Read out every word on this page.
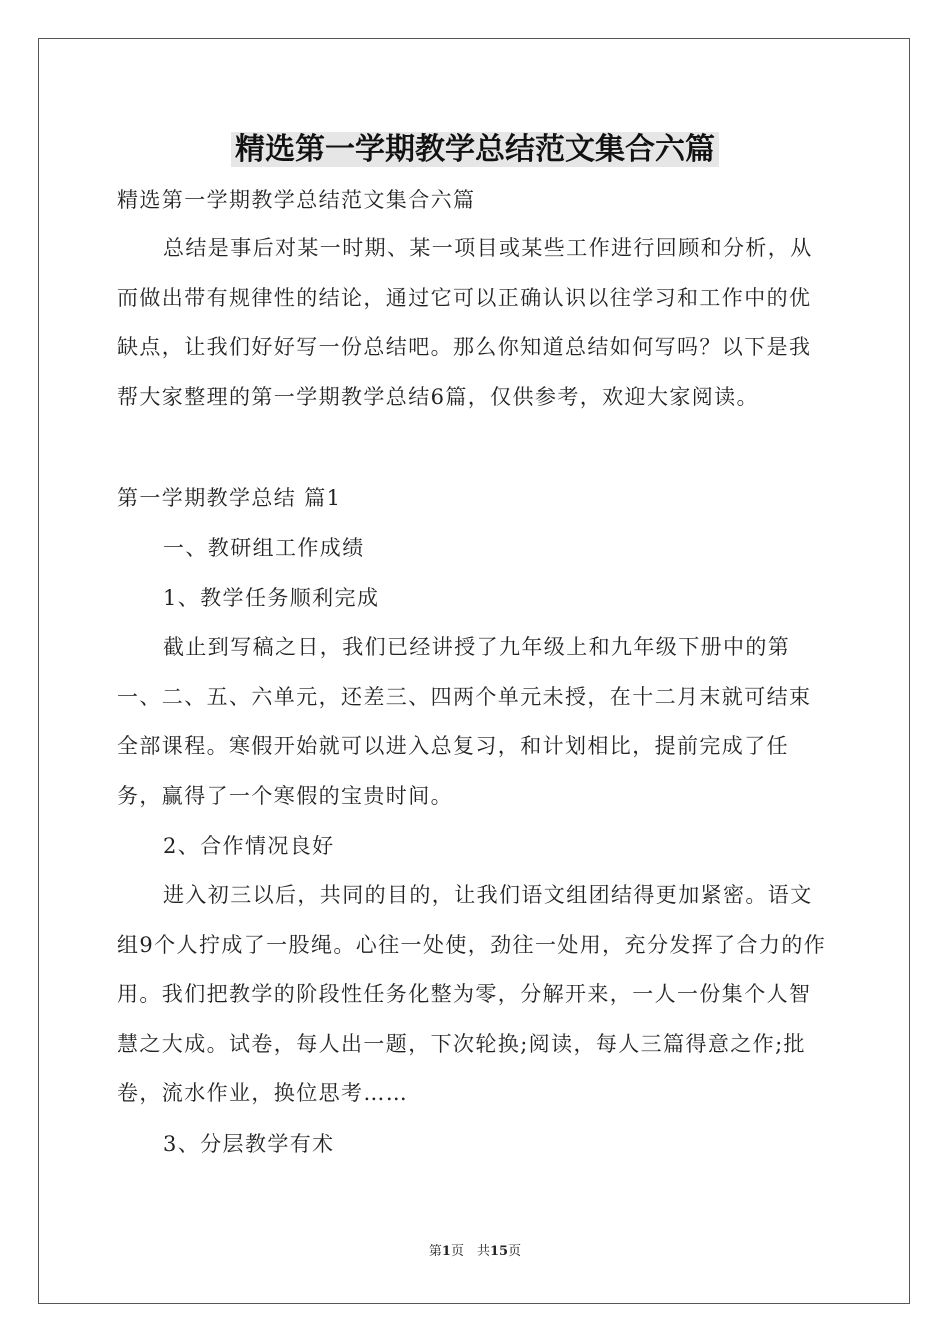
精选第一学期教学总结范文集合六篇

精选第一学期教学总结范文集合六篇

总结是事后对某一时期、某一项目或某些工作进行回顾和分析，从而做出带有规律性的结论，通过它可以正确认识以往学习和工作中的优缺点，让我们好好写一份总结吧。那么你知道总结如何写吗？以下是我帮大家整理的第一学期教学总结6篇，仅供参考，欢迎大家阅读。

第一学期教学总结 篇1

一、教研组工作成绩

1、教学任务顺利完成

截止到写稿之日，我们已经讲授了九年级上和九年级下册中的第一、二、五、六单元，还差三、四两个单元未授，在十二月末就可结束全部课程。寒假开始就可以进入总复习，和计划相比，提前完成了任务，赢得了一个寒假的宝贵时间。

2、合作情况良好

进入初三以后，共同的目的，让我们语文组团结得更加紧密。语文组9个人拧成了一股绳。心往一处使，劲往一处用，充分发挥了合力的作用。我们把教学的阶段性任务化整为零，分解开来，一人一份集个人智慧之大成。试卷，每人出一题，下次轮换;阅读，每人三篇得意之作;批卷，流水作业，换位思考……

3、分层教学有术

第1页　共15页
